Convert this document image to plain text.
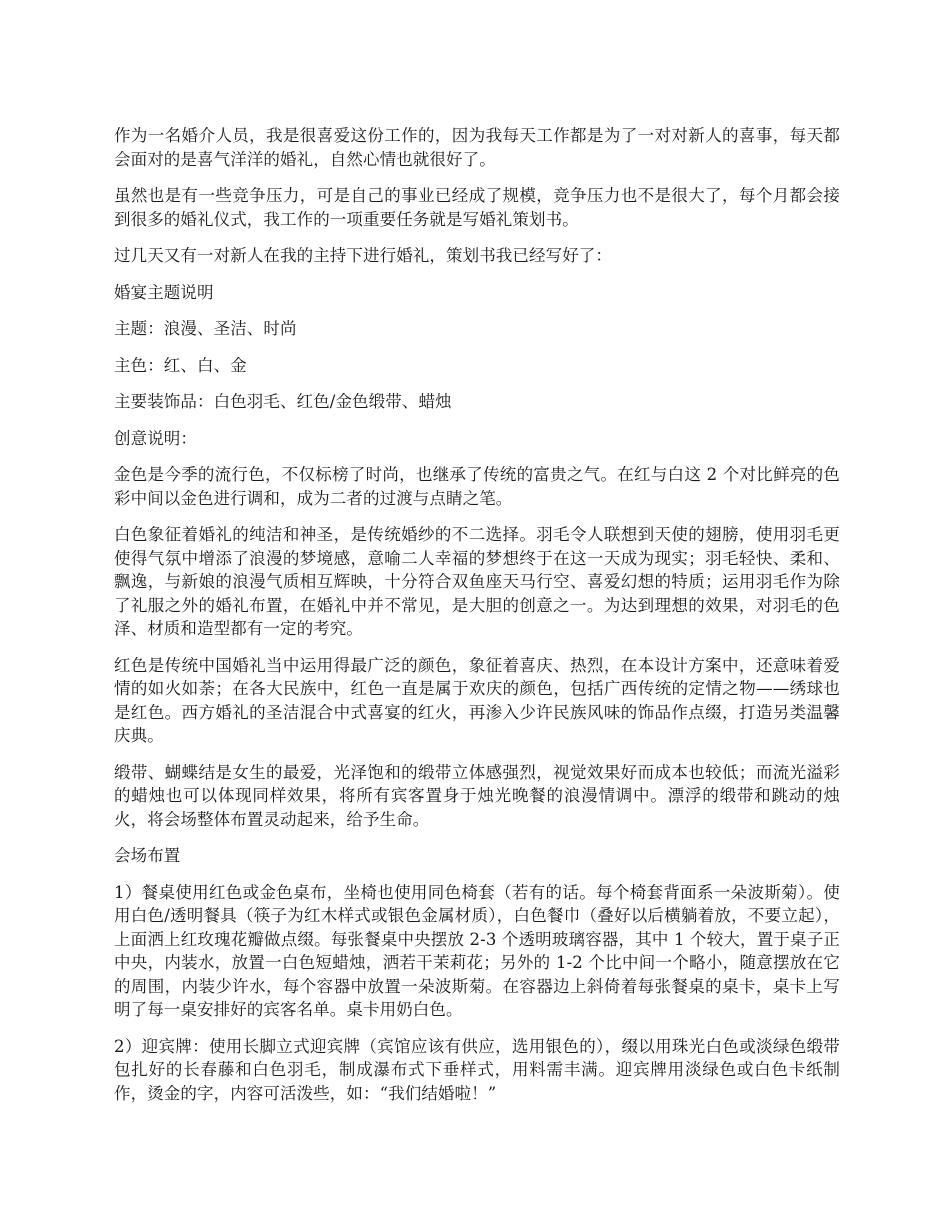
作为一名婚介人员，我是很喜爱这份工作的，因为我每天工作都是为了一对对新人的喜事，每天都会面对的是喜气洋洋的婚礼，自然心情也就很好了。

虽然也是有一些竞争压力，可是自己的事业已经成了规模，竞争压力也不是很大了，每个月都会接到很多的婚礼仪式，我工作的一项重要任务就是写婚礼策划书。

过几天又有一对新人在我的主持下进行婚礼，策划书我已经写好了：

婚宴主题说明

主题：浪漫、圣洁、时尚

主色：红、白、金

主要装饰品：白色羽毛、红色/金色缎带、蜡烛

创意说明：

金色是今季的流行色，不仅标榜了时尚，也继承了传统的富贵之气。在红与白这 2 个对比鲜亮的色彩中间以金色进行调和，成为二者的过渡与点睛之笔。

白色象征着婚礼的纯洁和神圣，是传统婚纱的不二选择。羽毛令人联想到天使的翅膀，使用羽毛更使得气氛中增添了浪漫的梦境感，意喻二人幸福的梦想终于在这一天成为现实；羽毛轻快、柔和、飘逸，与新娘的浪漫气质相互辉映，十分符合双鱼座天马行空、喜爱幻想的特质；运用羽毛作为除了礼服之外的婚礼布置，在婚礼中并不常见，是大胆的创意之一。为达到理想的效果，对羽毛的色泽、材质和造型都有一定的考究。

红色是传统中国婚礼当中运用得最广泛的颜色，象征着喜庆、热烈，在本设计方案中，还意味着爱情的如火如荼；在各大民族中，红色一直是属于欢庆的颜色，包括广西传统的定情之物——绣球也是红色。西方婚礼的圣洁混合中式喜宴的红火，再渗入少许民族风味的饰品作点缀，打造另类温馨庆典。

缎带、蝴蝶结是女生的最爱，光泽饱和的缎带立体感强烈，视觉效果好而成本也较低；而流光溢彩的蜡烛也可以体现同样效果，将所有宾客置身于烛光晚餐的浪漫情调中。漂浮的缎带和跳动的烛火，将会场整体布置灵动起来，给予生命。

会场布置

1）餐桌使用红色或金色桌布，坐椅也使用同色椅套（若有的话。每个椅套背面系一朵波斯菊）。使用白色/透明餐具（筷子为红木样式或银色金属材质），白色餐巾（叠好以后横躺着放，不要立起），上面洒上红玫瑰花瓣做点缀。每张餐桌中央摆放 2-3 个透明玻璃容器，其中 1 个较大，置于桌子正中央，内装水，放置一白色短蜡烛，洒若干茉莉花；另外的 1-2 个比中间一个略小，随意摆放在它的周围，内装少许水，每个容器中放置一朵波斯菊。在容器边上斜倚着每张餐桌的桌卡，桌卡上写明了每一桌安排好的宾客名单。桌卡用奶白色。

2）迎宾牌：使用长脚立式迎宾牌（宾馆应该有供应，选用银色的），缀以用珠光白色或淡绿色缎带包扎好的长春藤和白色羽毛，制成瀑布式下垂样式，用料需丰满。迎宾牌用淡绿色或白色卡纸制作，烫金的字，内容可活泼些，如：“我们结婚啦！”
